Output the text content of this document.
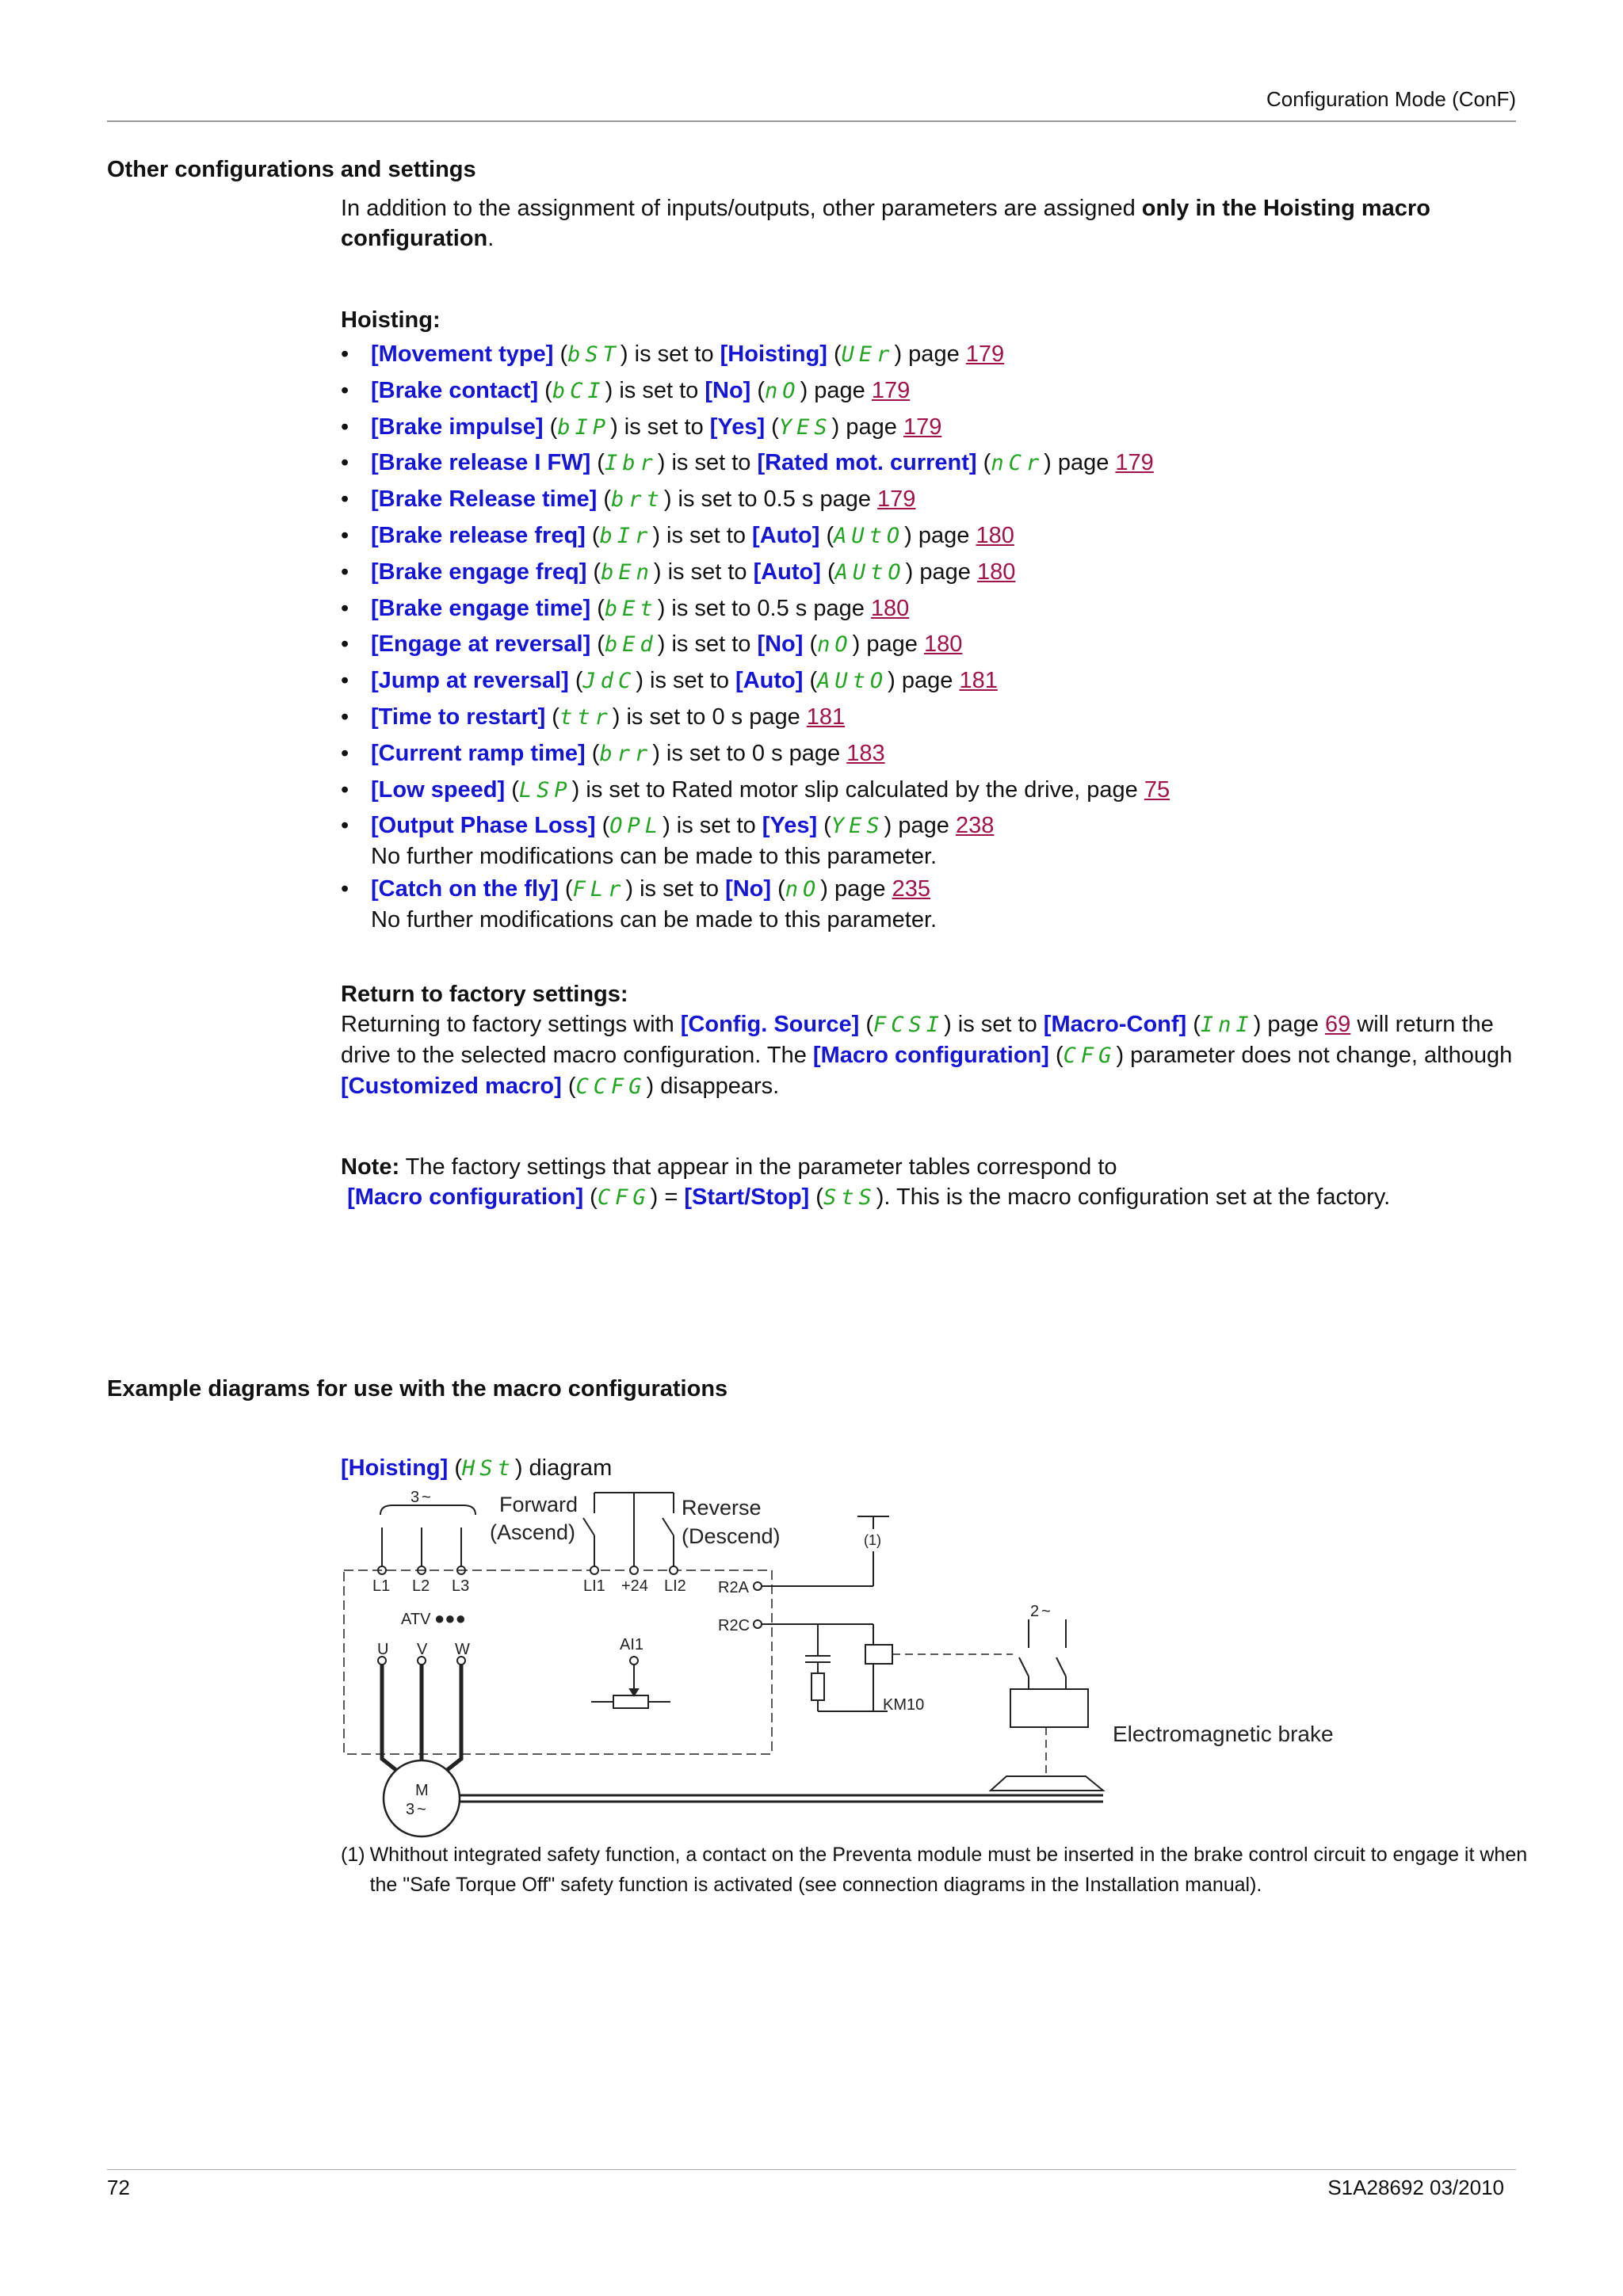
Configuration Mode (ConF)
Other configurations and settings
In addition to the assignment of inputs/outputs, other parameters are assigned only in the Hoisting macro configuration.
Hoisting:
• [Movement type] (bST) is set to [Hoisting] (UEr) page 179
• [Brake contact] (bCI) is set to [No] (nO) page 179
• [Brake impulse] (bIP) is set to [Yes] (YES) page 179
• [Brake release I FW] (Ibr) is set to [Rated mot. current] (nCr) page 179
• [Brake Release time] (brt) is set to 0.5 s page 179
• [Brake release freq] (bIr) is set to [Auto] (AUtO) page 180
• [Brake engage freq] (bEn) is set to [Auto] (AUtO) page 180
• [Brake engage time] (bEt) is set to 0.5 s page 180
• [Engage at reversal] (bEd) is set to [No] (nO) page 180
• [Jump at reversal] (JdC) is set to [Auto] (AUtO) page 181
• [Time to restart] (ttr) is set to 0 s page 181
• [Current ramp time] (brr) is set to 0 s page 183
• [Low speed] (LSP) is set to Rated motor slip calculated by the drive, page 75
• [Output Phase Loss] (OPL) is set to [Yes] (YES) page 238
No further modifications can be made to this parameter.
• [Catch on the fly] (FLr) is set to [No] (nO) page 235
No further modifications can be made to this parameter.
Return to factory settings:
Returning to factory settings with [Config. Source] (FCSI) is set to [Macro-Conf] (InI) page 69 will return the drive to the selected macro configuration. The [Macro configuration] (CFG) parameter does not change, although [Customized macro] (CCFG) disappears.
Note: The factory settings that appear in the parameter tables correspond to
[Macro configuration] (CFG) = [Start/Stop] (StS). This is the macro configuration set at the factory.
Example diagrams for use with the macro configurations
[Hoisting] (HSt) diagram
3 ~	Forward
(Ascend)
Reverse
(Descend)	(1)
L1 L2 L3	LI1 +24 LI2 R2A
R2C
ATV ●●●
U V W	AI1
2 ~
KM10
Electromagnetic brake
M
3 ~
(1)	Whithout integrated safety function, a contact on the Preventa module must be inserted in the brake control circuit to engage it when the "Safe Torque Off" safety function is activated (see connection diagrams in the Installation manual).
72	S1A28692 03/2010
